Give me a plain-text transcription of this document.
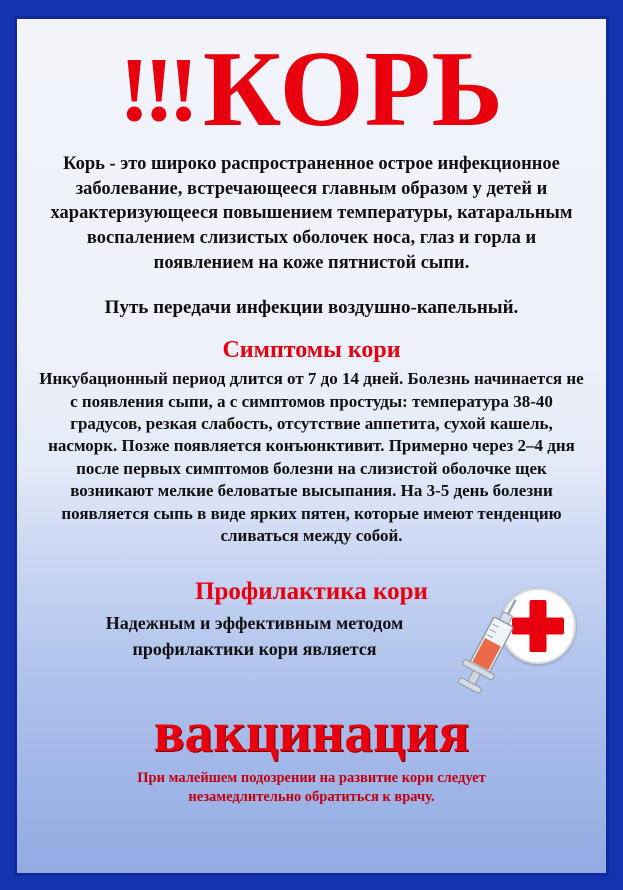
!!!КОРЬ

Корь - это широко распространенное острое инфекционное заболевание, встречающееся главным образом у детей и характеризующееся повышением температуры, катаральным воспалением слизистых оболочек носа, глаз и горла и появлением на коже пятнистой сыпи.

Путь передачи инфекции воздушно-капельный.

Симптомы кори

Инкубационный период длится от 7 до 14 дней. Болезнь начинается не с появления сыпи, а с симптомов простуды: температура 38-40 градусов, резкая слабость, отсутствие аппетита, сухой кашель, насморк. Позже появляется конъюнктивит. Примерно через 2–4 дня после первых симптомов болезни на слизистой оболочке щек возникают мелкие беловатые высыпания. На 3-5 день болезни появляется сыпь в виде ярких пятен, которые имеют тенденцию сливаться между собой.

Профилактика кори
Надежным и эффективным методом
профилактики кори является
вакцинация
При малейшем подозрении на развитие кори следует
незамедлительно обратиться к врачу.
